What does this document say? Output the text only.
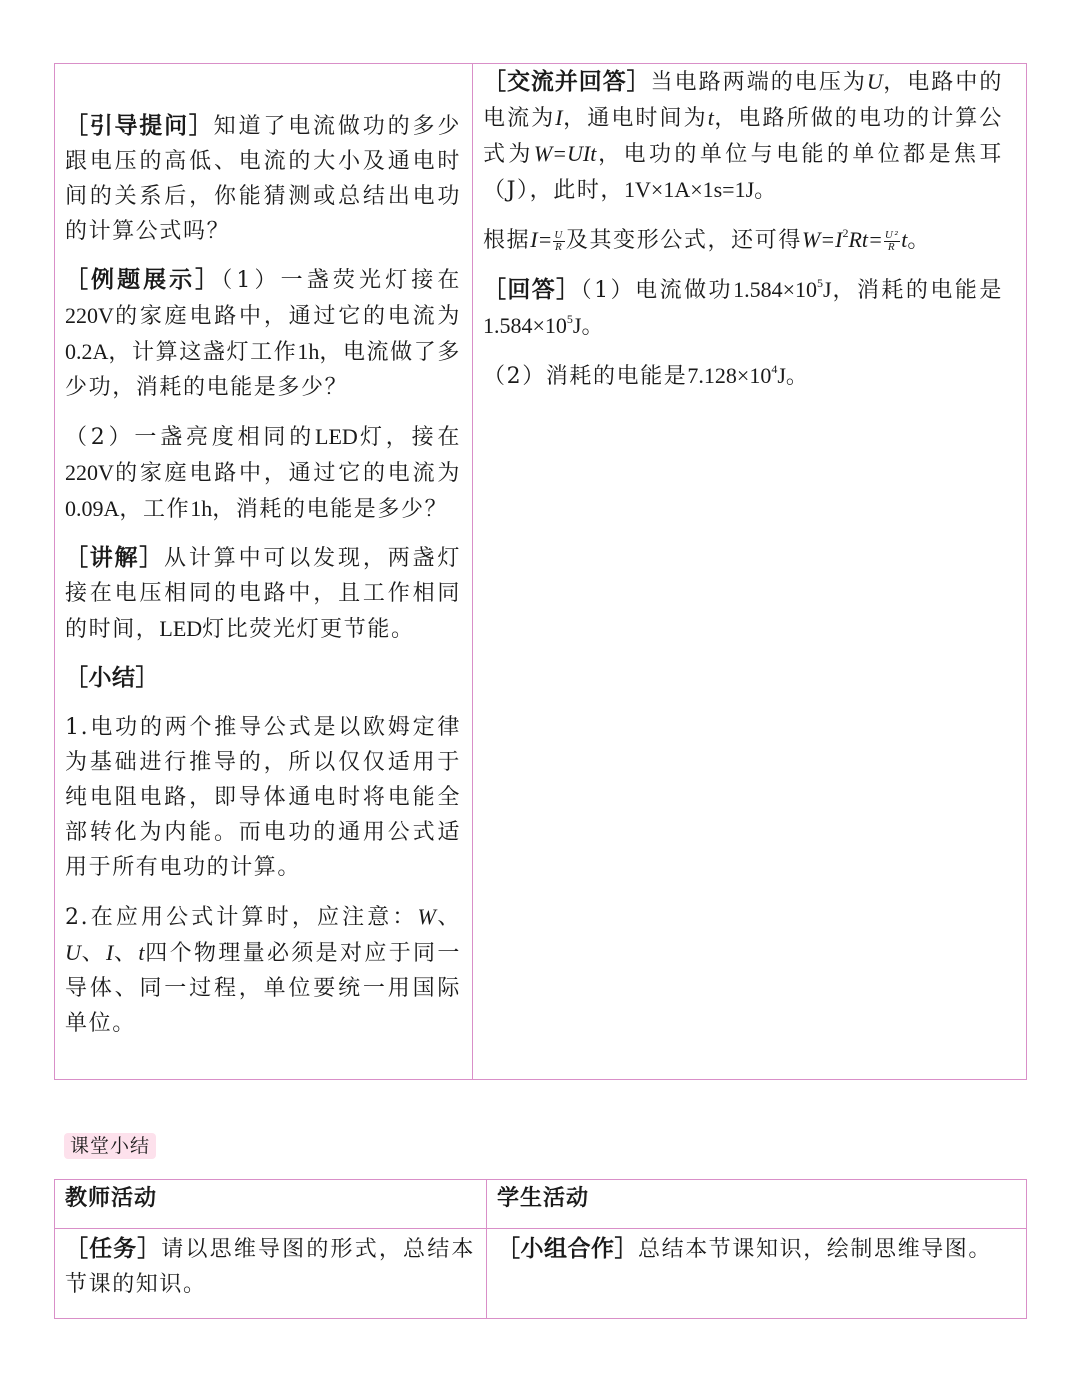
［引导提问］知道了电流做功的多少跟电压的高低、电流的大小及通电时间的关系后，你能猜测或总结出电功的计算公式吗？

［例题展示］（1）一盏荧光灯接在220V的家庭电路中，通过它的电流为0.2A，计算这盏灯工作1h，电流做了多少功，消耗的电能是多少？

（2）一盏亮度相同的LED灯，接在220V的家庭电路中，通过它的电流为0.09A，工作1h，消耗的电能是多少？

［讲解］从计算中可以发现，两盏灯接在电压相同的电路中，且工作相同的时间，LED灯比荧光灯更节能。

［小结］

1.电功的两个推导公式是以欧姆定律为基础进行推导的，所以仅仅适用于纯电阻电路，即导体通电时将电能全部转化为内能。而电功的通用公式适用于所有电功的计算。

2.在应用公式计算时，应注意：W、U、I、t四个物理量必须是对应于同一导体、同一过程，单位要统一用国际单位。

［交流并回答］当电路两端的电压为U，电路中的电流为I，通电时间为t，电路所做的电功的计算公式为W=UIt，电功的单位与电能的单位都是焦耳（J），此时，1V×1A×1s=1J。

根据$I= \frac{U}{R}$ 及其变形公式，还可得$W=I^2Rt= \frac{\text{U²}}{R}$ t。

［回答］（1）电流做功$1.584\times 10^5J$，消耗的电能是$1.584\times 10^5J$。

（2）消耗的电能是$7.128\times 10^4J$。

课堂小结
教师活动	学生活动

［任务］请以思维导图的形式，总结本节课的知识。

［小组合作］总结本节课知识，绘制思维导图。
